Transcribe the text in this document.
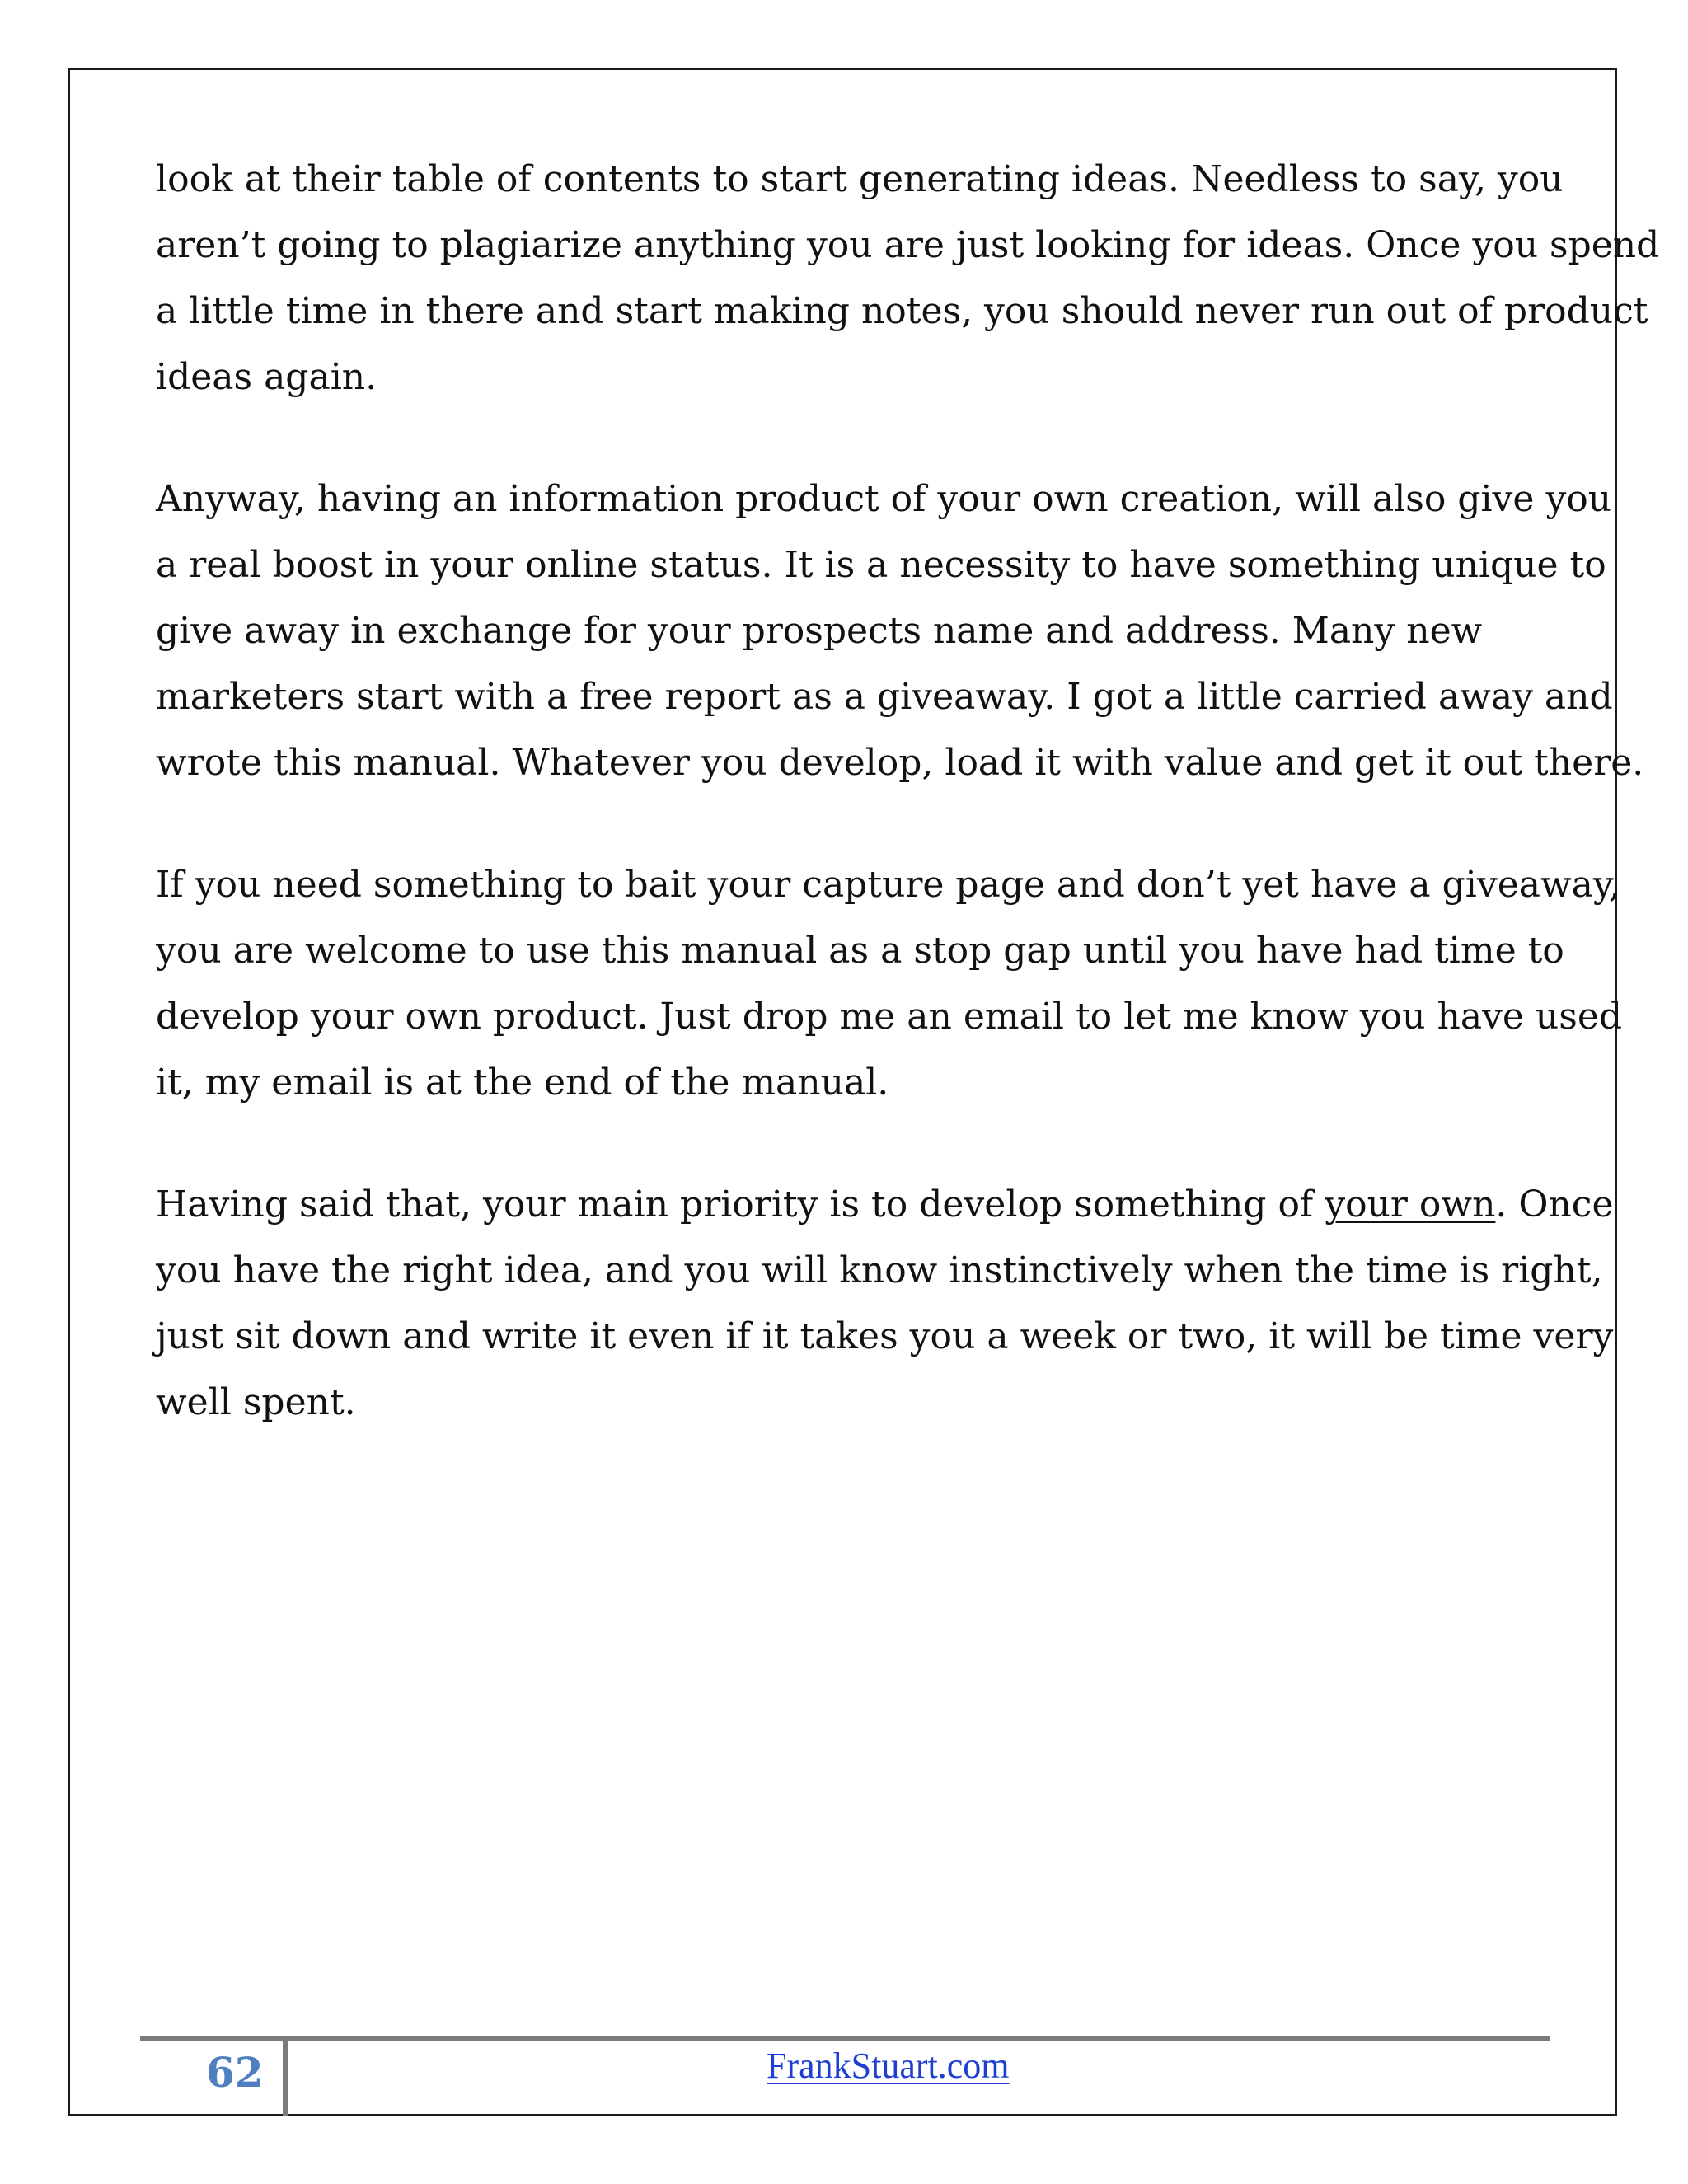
look at their table of contents to start generating ideas. Needless to say, you
aren’t going to plagiarize anything you are just looking for ideas. Once you spend
a little time in there and start making notes, you should never run out of product
ideas again.

Anyway, having an information product of your own creation, will also give you
a real boost in your online status. It is a necessity to have something unique to
give away in exchange for your prospects name and address. Many new
marketers start with a free report as a giveaway. I got a little carried away and
wrote this manual. Whatever you develop, load it with value and get it out there.

If you need something to bait your capture page and don’t yet have a giveaway,
you are welcome to use this manual as a stop gap until you have had time to
develop your own product. Just drop me an email to let me know you have used
it, my email is at the end of the manual.

Having said that, your main priority is to develop something of your own. Once
you have the right idea, and you will know instinctively when the time is right,
just sit down and write it even if it takes you a week or two, it will be time very
well spent.

62	FrankStuart.com
